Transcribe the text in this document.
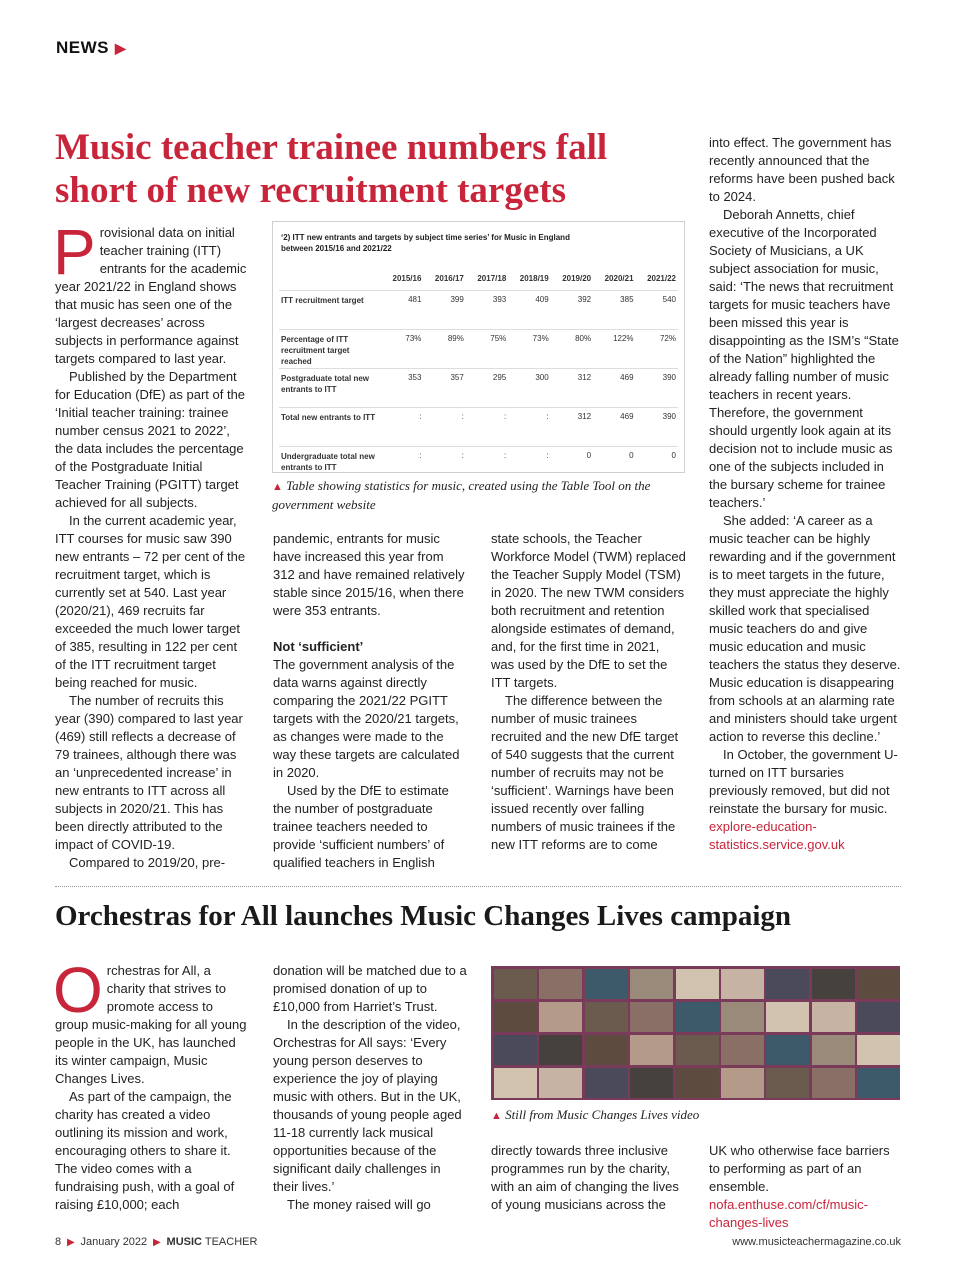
NEWS ▶
Music teacher trainee numbers fall short of new recruitment targets
P rovisional data on initial teacher training (ITT) entrants for the academic year 2021/22 in England shows that music has seen one of the ‘largest decreases’ across subjects in performance against targets compared to last year.

Published by the Department for Education (DfE) as part of the ‘Initial teacher training: trainee number census 2021 to 2022’, the data includes the percentage of the Postgraduate Initial Teacher Training (PGITT) target achieved for all subjects.

In the current academic year, ITT courses for music saw 390 new entrants – 72 per cent of the recruitment target, which is currently set at 540. Last year (2020/21), 469 recruits far exceeded the much lower target of 385, resulting in 122 per cent of the ITT recruitment target being reached for music.

The number of recruits this year (390) compared to last year (469) still reflects a decrease of 79 trainees, although there was an ‘unprecedented increase’ in new entrants to ITT across all subjects in 2020/21. This has been directly attributed to the impact of COVID-19.

Compared to 2019/20, pre-

‘2) ITT new entrants and targets by subject time series’ for Music in England between 2015/16 and 2021/22
	2015/16	2016/17	2017/18	2018/19	2019/20	2020/21	2021/22
ITT recruitment target	481	399	393	409	392	385	540
Percentage of ITT recruitment target reached	73%	89%	75%	73%	80%	122%	72%
Postgraduate total new entrants to ITT	353	357	295	300	312	469	390
Total new entrants to ITT	:	:	:	:	312	469	390
Undergraduate total new entrants to ITT	:	:	:	:	0	0	0
▲ Table showing statistics for music, created using the Table Tool on the government website

pandemic, entrants for music have increased this year from 312 and have remained relatively stable since 2015/16, when there were 353 entrants.

Not ‘sufficient’

The government analysis of the data warns against directly comparing the 2021/22 PGITT targets with the 2020/21 targets, as changes were made to the way these targets are calculated in 2020.

Used by the DfE to estimate the number of postgraduate trainee teachers needed to provide ‘sufficient numbers’ of qualified teachers in English

state schools, the Teacher Workforce Model (TWM) replaced the Teacher Supply Model (TSM) in 2020. The new TWM considers both recruitment and retention alongside estimates of demand, and, for the first time in 2021, was used by the DfE to set the ITT targets.

The difference between the number of music trainees recruited and the new DfE target of 540 suggests that the current number of recruits may not be ‘sufficient’. Warnings have been issued recently over falling numbers of music trainees if the new ITT reforms are to come

into effect. The government has recently announced that the reforms have been pushed back to 2024.

Deborah Annetts, chief executive of the Incorporated Society of Musicians, a UK subject association for music, said: ‘The news that recruitment targets for music teachers have been missed this year is disappointing as the ISM’s “State of the Nation” highlighted the already falling number of music teachers in recent years. Therefore, the government should urgently look again at its decision not to include music as one of the subjects included in the bursary scheme for trainee teachers.’

She added: ‘A career as a music teacher can be highly rewarding and if the government is to meet targets in the future, they must appreciate the highly skilled work that specialised music teachers do and give music education and music teachers the status they deserve. Music education is disappearing from schools at an alarming rate and ministers should take urgent action to reverse this decline.’

In October, the government U-turned on ITT bursaries previously removed, but did not reinstate the bursary for music. explore-education-statistics.service.gov.uk

Orchestras for All launches Music Changes Lives campaign
O rchestras for All, a charity that strives to promote access to group music-making for all young people in the UK, has launched its winter campaign, Music Changes Lives.

As part of the campaign, the charity has created a video outlining its mission and work, encouraging others to share it. The video comes with a fundraising push, with a goal of raising £10,000; each

donation will be matched due to a promised donation of up to £10,000 from Harriet’s Trust.

In the description of the video, Orchestras for All says: ‘Every young person deserves to experience the joy of playing music with others. But in the UK, thousands of young people aged 11-18 currently lack musical opportunities because of the significant daily challenges in their lives.’

The money raised will go

▲ Still from Music Changes Lives video

directly towards three inclusive programmes run by the charity, with an aim of changing the lives of young musicians across the

UK who otherwise face barriers to performing as part of an ensemble. nofa.enthuse.com/cf/music-changes-lives

8  ▶  January 2022  ▶  MUSIC TEACHER	www.musicteachermagazine.co.uk
